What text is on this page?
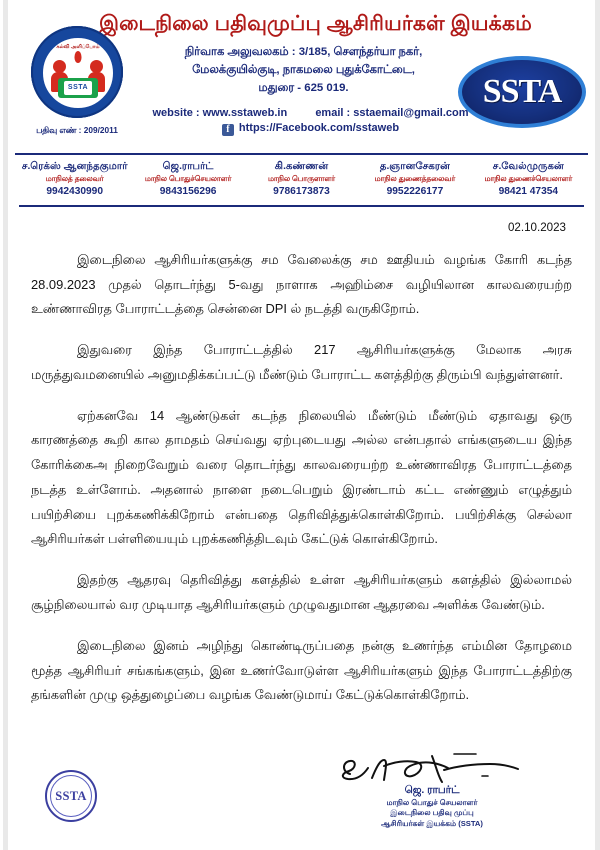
கல்வி அளிப்போம்
SSTA
பதிவு எண் : 209/2011
SSTA
இடைநிலை பதிவுமுப்பு ஆசிரியர்கள் இயக்கம்
நிர்வாக அலுவலகம் : 3/185, சௌந்தர்யா நகர்,
மேலக்குயில்குடி, நாகமலை புதுக்கோட்டை,
மதுரை - 625 019.
website : www.sstaweb.in	email : sstaemail@gmail.com
f https://Facebook.com/sstaweb
ச.ரெக்ஸ் ஆனந்தகுமார்
மாநிலத் தலைவர்
9942430990
ஜெ.ராபர்ட்
மாநில பொதுச்செயலாளர்
9843156296
கி.கண்ணன்
மாநில பொருளாளர்
9786173873
த.ஞானசேகரன்
மாநில துணைத்தலைவர்
9952226177
ச.வேல்முருகன்
மாநில துணைச்செயலாளர்
98421 47354
02.10.2023

இடைநிலை ஆசிரியர்களுக்கு சம வேலைக்கு சம ஊதியம் வழங்க கோரி கடந்த 28.09.2023 முதல் தொடர்ந்து 5-வது நாளாக அஹிம்சை வழியிலான காலவரையற்ற உண்ணாவிரத போராட்டத்தை சென்னை DPI ல் நடத்தி வருகிறோம்.

இதுவரை இந்த போராட்டத்தில் 217 ஆசிரியர்களுக்கு மேலாக அரசு மருத்துவமனையில் அனுமதிக்கப்பட்டு மீண்டும் போராட்ட களத்திற்கு திரும்பி வந்துள்ளனர்.

ஏற்கனவே 14 ஆண்டுகள் கடந்த நிலையில் மீண்டும் மீண்டும் ஏதாவது ஒரு காரணத்தை கூறி கால தாமதம் செய்வது ஏற்புடையது அல்ல என்பதால் எங்களுடைய இந்த கோரிக்கைஅ நிறைவேறும் வரை தொடர்ந்து காலவரையற்ற உண்ணாவிரத போராட்டத்தை நடத்த உள்ளோம். அதனால் நாளை நடைபெறும் இரண்டாம் கட்ட எண்ணும் எழுத்தும் பயிற்சியை புறக்கணிக்கிறோம் என்பதை தெரிவித்துக்கொள்கிறோம். பயிற்சிக்கு செல்லா ஆசிரியர்கள் பள்ளியையும் புறக்கணித்திடவும் கேட்டுக் கொள்கிறோம்.

இதற்கு ஆதரவு தெரிவித்து களத்தில் உள்ள ஆசிரியர்களும் களத்தில் இல்லாமல் சூழ்நிலையால் வர முடியாத ஆசிரியர்களும் முழுவதுமான ஆதரவை அளிக்க வேண்டும்.

இடைநிலை இனம் அழிந்து கொண்டிருப்பதை நன்கு உணர்ந்த எம்மின தோழமை மூத்த ஆசிரியர் சங்கங்களும், இன உணர்வோடுள்ள ஆசிரியர்களும் இந்த போராட்டத்திற்கு தங்களின் முழு ஒத்துழைப்பை வழங்க வேண்டுமாய் கேட்டுக்கொள்கிறோம்.

SSTA	ஜெ. ராபர்ட்
மாநில பொதுச் செயலாளர்
இடைநிலை பதிவு முப்பு
ஆசிரியர்கள் இயக்கம் (SSTA)
